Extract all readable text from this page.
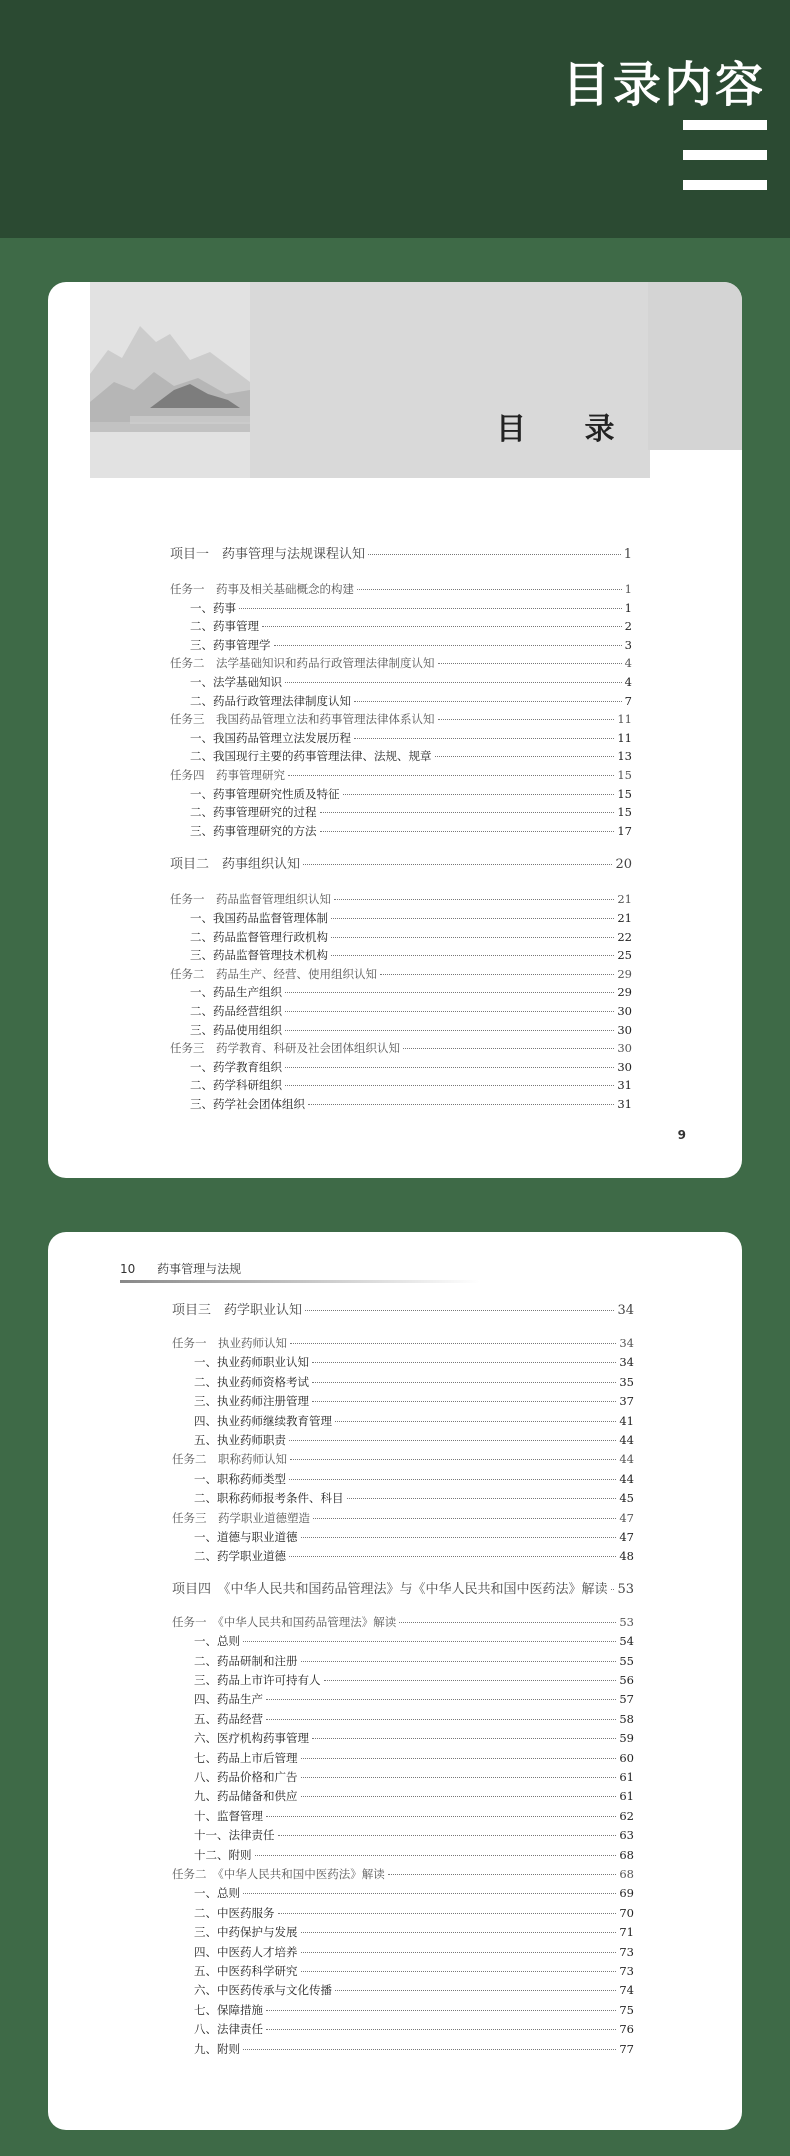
目录内容
目 录
项目一　药事管理与法规课程认知	1
任务一　药事及相关基础概念的构建	1
一、药事	1
二、药事管理	2
三、药事管理学	3
任务二　法学基础知识和药品行政管理法律制度认知	4
一、法学基础知识	4
二、药品行政管理法律制度认知	7
任务三　我国药品管理立法和药事管理法律体系认知	11
一、我国药品管理立法发展历程	11
二、我国现行主要的药事管理法律、法规、规章	13
任务四　药事管理研究	15
一、药事管理研究性质及特征	15
二、药事管理研究的过程	15
三、药事管理研究的方法	17
项目二　药事组织认知	20
任务一　药品监督管理组织认知	21
一、我国药品监督管理体制	21
二、药品监督管理行政机构	22
三、药品监督管理技术机构	25
任务二　药品生产、经营、使用组织认知	29
一、药品生产组织	29
二、药品经营组织	30
三、药品使用组织	30
任务三　药学教育、科研及社会团体组织认知	30
一、药学教育组织	30
二、药学科研组织	31
三、药学社会团体组织	31
9
10 药事管理与法规
项目三　药学职业认知	34
任务一　执业药师认知	34
一、执业药师职业认知	34
二、执业药师资格考试	35
三、执业药师注册管理	37
四、执业药师继续教育管理	41
五、执业药师职责	44
任务二　职称药师认知	44
一、职称药师类型	44
二、职称药师报考条件、科目	45
任务三　药学职业道德塑造	47
一、道德与职业道德	47
二、药学职业道德	48
项目四　《中华人民共和国药品管理法》与《中华人民共和国中医药法》解读 53
任务一　《中华人民共和国药品管理法》解读	53
一、总则	54
二、药品研制和注册	55
三、药品上市许可持有人	56
四、药品生产	57
五、药品经营	58
六、医疗机构药事管理	59
七、药品上市后管理	60
八、药品价格和广告	61
九、药品储备和供应	61
十、监督管理	62
十一、法律责任	63
十二、附则	68
任务二　《中华人民共和国中医药法》解读	68
一、总则	69
二、中医药服务	70
三、中药保护与发展	71
四、中医药人才培养	73
五、中医药科学研究	73
六、中医药传承与文化传播	74
七、保障措施	75
八、法律责任	76
九、附则	77
